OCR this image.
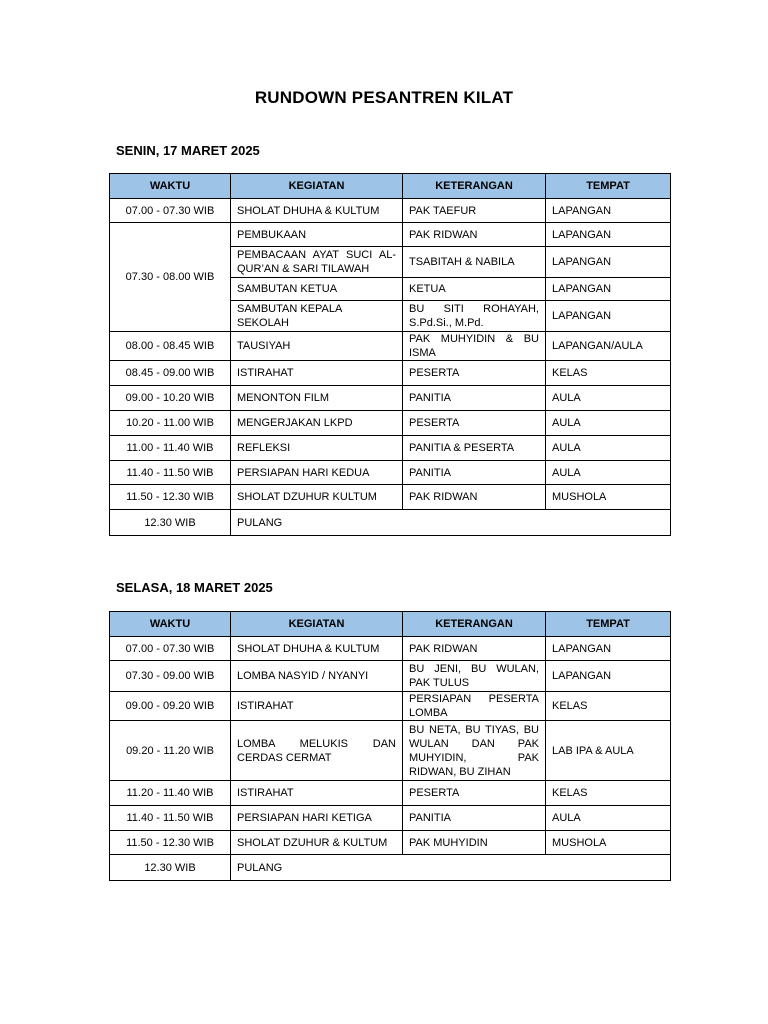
RUNDOWN PESANTREN KILAT
SENIN, 17 MARET 2025
WAKTU	KEGIATAN	KETERANGAN	TEMPAT
07.00 - 07.30 WIB	SHOLAT DHUHA & KULTUM	PAK TAEFUR	LAPANGAN
07.30 - 08.00 WIB	PEMBUKAAN	PAK RIDWAN	LAPANGAN
	PEMBACAAN AYAT SUCI AL-QUR’AN & SARI TILAWAH	TSABITAH & NABILA	LAPANGAN
	SAMBUTAN KETUA	KETUA	LAPANGAN
	SAMBUTAN KEPALA SEKOLAH	BU SITI ROHAYAH, S.Pd.Si., M.Pd.	LAPANGAN
08.00 - 08.45 WIB	TAUSIYAH	PAK MUHYIDIN & BU ISMA	LAPANGAN/AULA
08.45 - 09.00 WIB	ISTIRAHAT	PESERTA	KELAS
09.00 - 10.20 WIB	MENONTON FILM	PANITIA	AULA
10.20 - 11.00 WIB	MENGERJAKAN LKPD	PESERTA	AULA
11.00 - 11.40 WIB	REFLEKSI	PANITIA & PESERTA	AULA
11.40 - 11.50 WIB	PERSIAPAN HARI KEDUA	PANITIA	AULA
11.50 - 12.30 WIB	SHOLAT DZUHUR KULTUM	PAK RIDWAN	MUSHOLA
12.30 WIB	PULANG		
SELASA, 18 MARET 2025
WAKTU	KEGIATAN	KETERANGAN	TEMPAT
07.00 - 07.30 WIB	SHOLAT DHUHA & KULTUM	PAK RIDWAN	LAPANGAN
07.30 - 09.00 WIB	LOMBA NASYID / NYANYI	BU JENI, BU WULAN, PAK TULUS	LAPANGAN
09.00 - 09.20 WIB	ISTIRAHAT	PERSIAPAN PESERTA LOMBA	KELAS
09.20 - 11.20 WIB	LOMBA MELUKIS DAN CERDAS CERMAT	BU NETA, BU TIYAS, BU WULAN DAN PAK MUHYIDIN, PAK RIDWAN, BU ZIHAN	LAB IPA & AULA
11.20 - 11.40 WIB	ISTIRAHAT	PESERTA	KELAS
11.40 - 11.50 WIB	PERSIAPAN HARI KETIGA	PANITIA	AULA
11.50 - 12.30 WIB	SHOLAT DZUHUR & KULTUM	PAK MUHYIDIN	MUSHOLA
12.30 WIB	PULANG		
